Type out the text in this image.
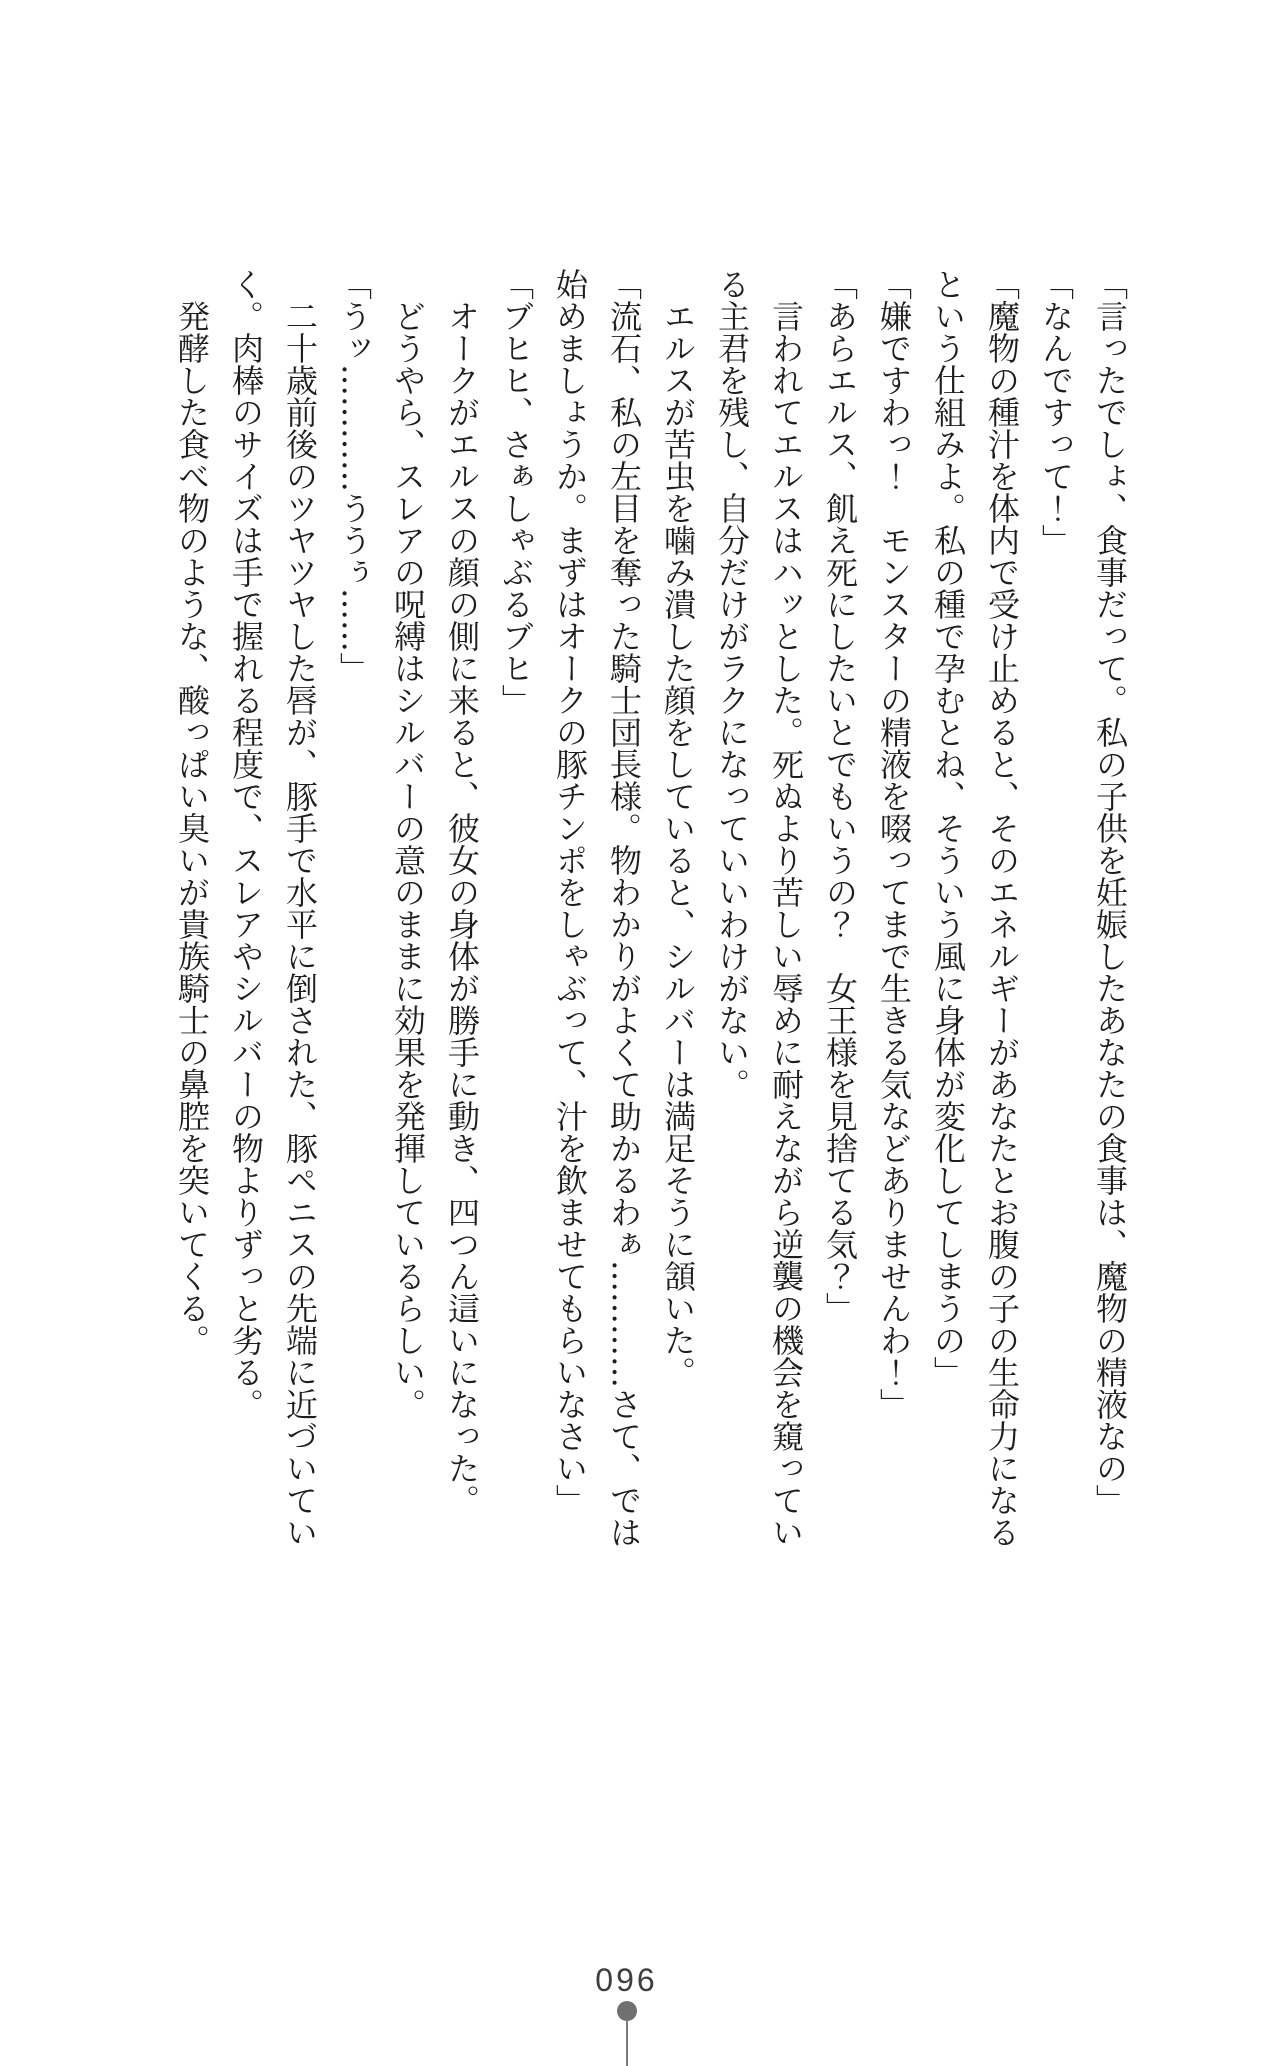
「言ったでしょ、食事だって。私の子供を妊娠したあなたの食事は、魔物の精液なの」

「なんですって！」

「魔物の種汁を体内で受け止めると、そのエネルギーがあなたとお腹の子の生命力になるという仕組みよ。私の種で孕むとね、そういう風に身体が変化してしまうの」

「嫌ですわっ！　モンスターの精液を啜ってまで生きる気などありませんわ！」

「あらエルス、飢え死にしたいとでもいうの？　女王様を見捨てる気？」

言われてエルスはハッとした。死ぬより苦しい辱めに耐えながら逆襲の機会を窺っている主君を残し、自分だけがラクになっていいわけがない。

エルスが苦虫を噛み潰した顔をしていると、シルバーは満足そうに頷いた。

「流石、私の左目を奪った騎士団長様。物わかりがよくて助かるわぁ…………さて、では始めましょうか。まずはオークの豚チンポをしゃぶって、汁を飲ませてもらいなさい」

「ブヒヒ、さぁしゃぶるブヒ」

オークがエルスの顔の側に来ると、彼女の身体が勝手に動き、四つん這いになった。

どうやら、スレアの呪縛はシルバーの意のままに効果を発揮しているらしい。

「うッ…………ううぅ……」

二十歳前後のツヤツヤした唇が、豚手で水平に倒された、豚ペニスの先端に近づいていく。肉棒のサイズは手で握れる程度で、スレアやシルバーの物よりずっと劣る。

発酵した食べ物のような、酸っぱい臭いが貴族騎士の鼻腔を突いてくる。

096
